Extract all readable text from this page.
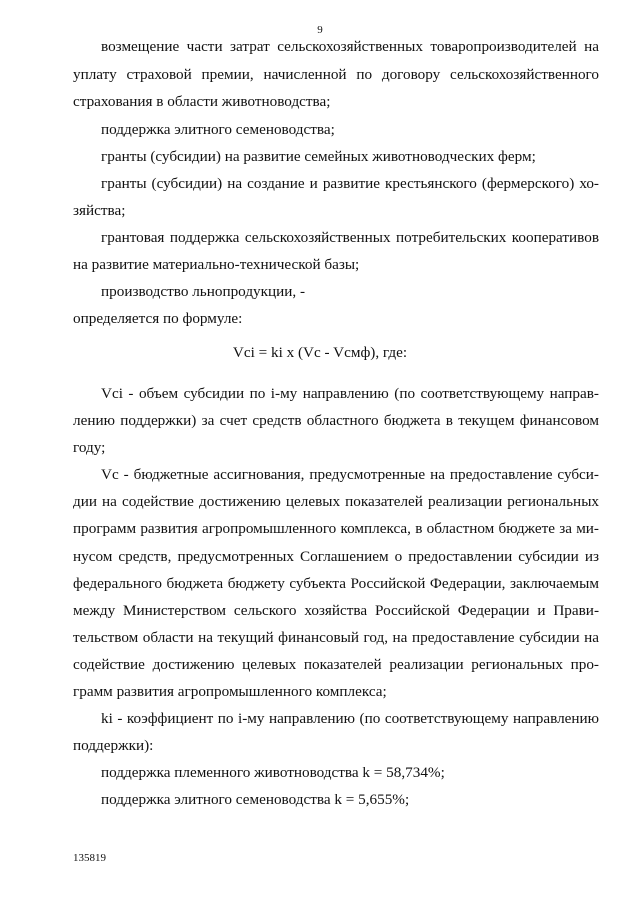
9
возмещение части затрат сельскохозяйственных товаропроизводителей на
уплату страховой премии, начисленной по договору сельскохозяйственного
страхования в области животноводства;
поддержка элитного семеноводства;
гранты (субсидии) на развитие семейных животноводческих ферм;
гранты (субсидии) на создание и развитие крестьянского (фермерского) хо-
зяйства;
грантовая поддержка сельскохозяйственных потребительских кооперативов
на развитие материально-технической базы;
производство льнопродукции, -
определяется по формуле:
Vci = ki x (Vc - Vсмф), где:
Vci - объем субсидии по i-му направлению (по соответствующему направ-
лению поддержки) за счет средств областного бюджета в текущем финансовом
году;
Vc - бюджетные ассигнования, предусмотренные на предоставление субси-
дии на содействие достижению целевых показателей реализации региональных
программ развития агропромышленного комплекса, в областном бюджете за ми-
нусом средств, предусмотренных Соглашением о предоставлении субсидии из
федерального бюджета бюджету субъекта Российской Федерации, заключаемым
между Министерством сельского хозяйства Российской Федерации и Прави-
тельством области на текущий финансовый год, на предоставление субсидии на
содействие достижению целевых показателей реализации региональных про-
грамм развития агропромышленного комплекса;
ki - коэффициент по i-му направлению (по соответствующему направлению
поддержки):
поддержка племенного животноводства k = 58,734%;
поддержка элитного семеноводства k = 5,655%;
135819
